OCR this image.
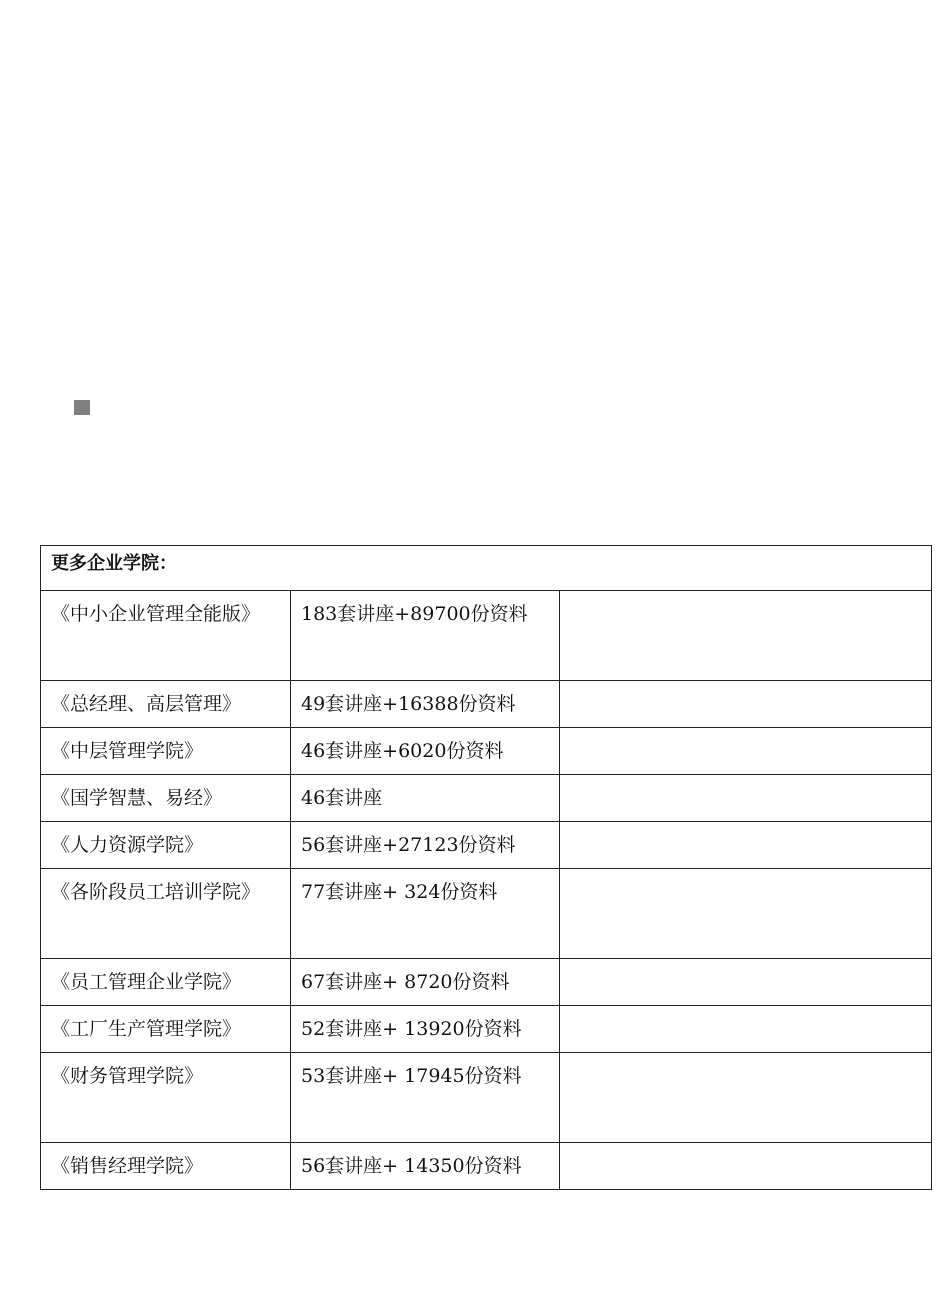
更多企业学院：		
《中小企业管理全能版》	183套讲座+89700份资料	
《总经理、高层管理》	49套讲座+16388份资料	
《中层管理学院》	46套讲座+6020份资料	
《国学智慧、易经》	46套讲座	
《人力资源学院》	56套讲座+27123份资料	
《各阶段员工培训学院》	77套讲座+ 324份资料	
《员工管理企业学院》	67套讲座+ 8720份资料	
《工厂生产管理学院》	52套讲座+ 13920份资料	
《财务管理学院》	53套讲座+ 17945份资料	
《销售经理学院》	56套讲座+ 14350份资料	
